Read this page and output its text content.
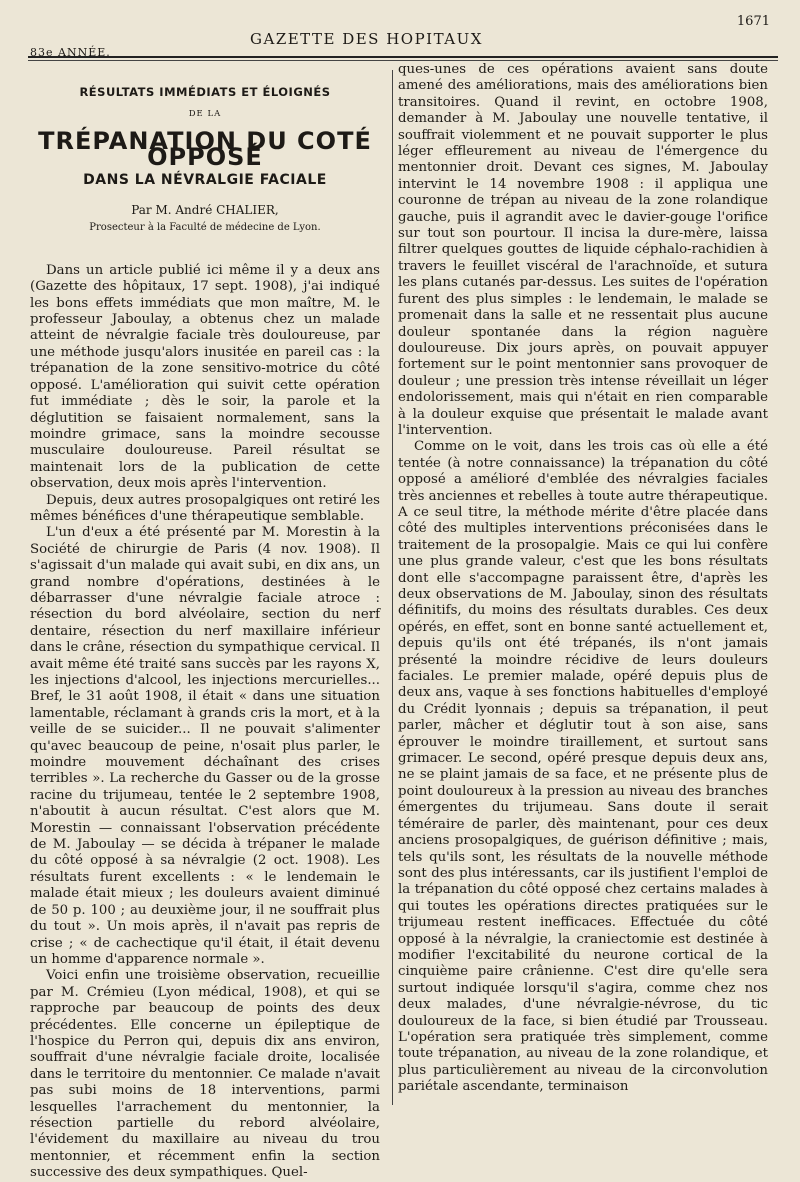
1671
83e ANNÉE.
GAZETTE DES HOPITAUX
RÉSULTATS IMMÉDIATS ET ÉLOIGNÉS
DE LA
TRÉPANATION DU COTÉ OPPOSÉ
DANS LA NÉVRALGIE FACIALE
Par M. André CHALIER,
Prosecteur à la Faculté de médecine de Lyon.

Dans un article publié ici même il y a deux ans (Gazette des hôpitaux, 17 sept. 1908), j'ai indiqué les bons effets immédiats que mon maître, M. le professeur Jaboulay, a obtenus chez un malade atteint de névralgie faciale très douloureuse, par une méthode jusqu'alors inusitée en pareil cas : la trépanation de la zone sensitivo-motrice du côté opposé. L'amélioration qui suivit cette opération fut immédiate ; dès le soir, la parole et la déglutition se faisaient normalement, sans la moindre grimace, sans la moindre secousse musculaire douloureuse. Pareil résultat se maintenait lors de la publication de cette observation, deux mois après l'intervention.

Depuis, deux autres prosopalgiques ont retiré les mêmes bénéfices d'une thérapeutique semblable.

L'un d'eux a été présenté par M. Morestin à la Société de chirurgie de Paris (4 nov. 1908). Il s'agissait d'un malade qui avait subi, en dix ans, un grand nombre d'opérations, destinées à le débarrasser d'une névralgie faciale atroce : résection du bord alvéolaire, section du nerf dentaire, résection du nerf maxillaire inférieur dans le crâne, résection du sympathique cervical. Il avait même été traité sans succès par les rayons X, les injections d'alcool, les injections mercurielles... Bref, le 31 août 1908, il était « dans une situation lamentable, réclamant à grands cris la mort, et à la veille de se suicider... Il ne pouvait s'alimenter qu'avec beaucoup de peine, n'osait plus parler, le moindre mouvement déchaînant des crises terribles ». La recherche du Gasser ou de la grosse racine du trijumeau, tentée le 2 septembre 1908, n'aboutit à aucun résultat. C'est alors que M. Morestin — connaissant l'observation précédente de M. Jaboulay — se décida à trépaner le malade du côté opposé à sa névralgie (2 oct. 1908). Les résultats furent excellents : « le lendemain le malade était mieux ; les douleurs avaient diminué de 50 p. 100 ; au deuxième jour, il ne souffrait plus du tout ». Un mois après, il n'avait pas repris de crise ; « de cachectique qu'il était, il était devenu un homme d'apparence normale ».

Voici enfin une troisième observation, recueillie par M. Crémieu (Lyon médical, 1908), et qui se rapproche par beaucoup de points des deux précédentes. Elle concerne un épileptique de l'hospice du Perron qui, depuis dix ans environ, souffrait d'une névralgie faciale droite, localisée dans le territoire du mentonnier. Ce malade n'avait pas subi moins de 18 interventions, parmi lesquelles l'arrachement du mentonnier, la résection partielle du rebord alvéolaire, l'évidement du maxillaire au niveau du trou mentonnier, et récemment enfin la section successive des deux sympathiques. Quel-

ques-unes de ces opérations avaient sans doute amené des améliorations, mais des améliorations bien transitoires. Quand il revint, en octobre 1908, demander à M. Jaboulay une nouvelle tentative, il souffrait violemment et ne pouvait supporter le plus léger effleurement au niveau de l'émergence du mentonnier droit. Devant ces signes, M. Jaboulay intervint le 14 novembre 1908 : il appliqua une couronne de trépan au niveau de la zone rolandique gauche, puis il agrandit avec le davier-gouge l'orifice sur tout son pourtour. Il incisa la dure-mère, laissa filtrer quelques gouttes de liquide céphalo-rachidien à travers le feuillet viscéral de l'arachnoïde, et sutura les plans cutanés par-dessus. Les suites de l'opération furent des plus simples : le lendemain, le malade se promenait dans la salle et ne ressentait plus aucune douleur spontanée dans la région naguère douloureuse. Dix jours après, on pouvait appuyer fortement sur le point mentonnier sans provoquer de douleur ; une pression très intense réveillait un léger endolorissement, mais qui n'était en rien comparable à la douleur exquise que présentait le malade avant l'intervention.

Comme on le voit, dans les trois cas où elle a été tentée (à notre connaissance) la trépanation du côté opposé a amélioré d'emblée des névralgies faciales très anciennes et rebelles à toute autre thérapeutique. A ce seul titre, la méthode mérite d'être placée dans côté des multiples interventions préconisées dans le traitement de la prosopalgie. Mais ce qui lui confère une plus grande valeur, c'est que les bons résultats dont elle s'accompagne paraissent être, d'après les deux observations de M. Jaboulay, sinon des résultats définitifs, du moins des résultats durables. Ces deux opérés, en effet, sont en bonne santé actuellement et, depuis qu'ils ont été trépanés, ils n'ont jamais présenté la moindre récidive de leurs douleurs faciales. Le premier malade, opéré depuis plus de deux ans, vaque à ses fonctions habituelles d'employé du Crédit lyonnais ; depuis sa trépanation, il peut parler, mâcher et déglutir tout à son aise, sans éprouver le moindre tiraillement, et surtout sans grimacer. Le second, opéré presque depuis deux ans, ne se plaint jamais de sa face, et ne présente plus de point douloureux à la pression au niveau des branches émergentes du trijumeau. Sans doute il serait téméraire de parler, dès maintenant, pour ces deux anciens prosopalgiques, de guérison définitive ; mais, tels qu'ils sont, les résultats de la nouvelle méthode sont des plus intéressants, car ils justifient l'emploi de la trépanation du côté opposé chez certains malades à qui toutes les opérations directes pratiquées sur le trijumeau restent inefficaces. Effectuée du côté opposé à la névralgie, la craniectomie est destinée à modifier l'excitabilité du neurone cortical de la cinquième paire crânienne. C'est dire qu'elle sera surtout indiquée lorsqu'il s'agira, comme chez nos deux malades, d'une névralgie-névrose, du tic douloureux de la face, si bien étudié par Trousseau. L'opération sera pratiquée très simplement, comme toute trépanation, au niveau de la zone rolandique, et plus particulièrement au niveau de la circonvolution pariétale ascendante, terminaison
